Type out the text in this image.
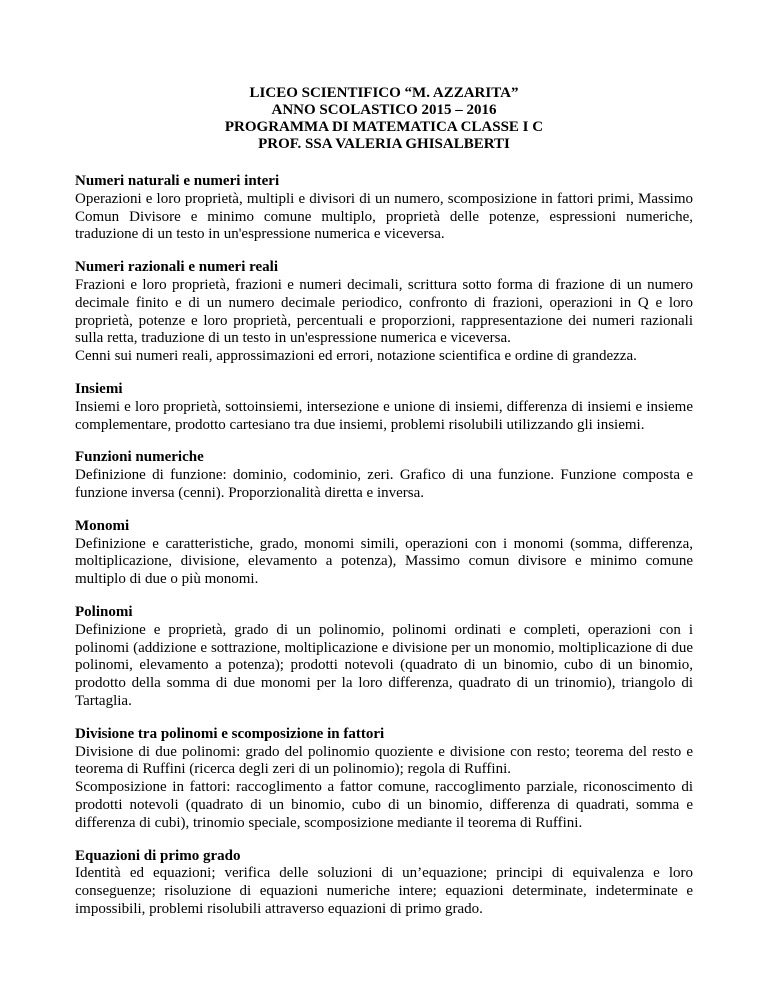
LICEO SCIENTIFICO “M. AZZARITA”
ANNO SCOLASTICO 2015 – 2016
PROGRAMMA DI MATEMATICA CLASSE I C
PROF. SSA VALERIA GHISALBERTI
Numeri naturali e numeri interi
Operazioni e loro proprietà, multipli e divisori di un numero, scomposizione in fattori primi, Massimo Comun Divisore e minimo comune multiplo, proprietà delle potenze, espressioni numeriche, traduzione di un testo in un'espressione numerica e viceversa.
Numeri razionali e numeri reali
Frazioni e loro proprietà, frazioni e numeri decimali, scrittura sotto forma di frazione di un numero decimale finito e di un numero decimale periodico, confronto di frazioni, operazioni in Q e loro proprietà, potenze e loro proprietà, percentuali e proporzioni, rappresentazione dei numeri razionali sulla retta, traduzione di un testo in un'espressione numerica e viceversa.
Cenni sui numeri reali, approssimazioni ed errori, notazione scientifica e ordine di grandezza.
Insiemi
Insiemi e loro proprietà, sottoinsiemi, intersezione e unione di insiemi, differenza di insiemi e insieme complementare, prodotto cartesiano tra due insiemi, problemi risolubili utilizzando gli insiemi.
Funzioni numeriche
Definizione di funzione: dominio, codominio, zeri. Grafico di una funzione. Funzione composta e funzione inversa (cenni). Proporzionalità diretta e inversa.
Monomi
Definizione e caratteristiche, grado, monomi simili, operazioni con i monomi (somma, differenza, moltiplicazione, divisione, elevamento a potenza), Massimo comun divisore e minimo comune multiplo di due o più monomi.
Polinomi
Definizione e proprietà, grado di un polinomio, polinomi ordinati e completi, operazioni con i polinomi (addizione e sottrazione, moltiplicazione e divisione per un monomio, moltiplicazione di due polinomi, elevamento a potenza); prodotti notevoli (quadrato di un binomio, cubo di un binomio, prodotto della somma di due monomi per la loro differenza, quadrato di un trinomio), triangolo di Tartaglia.
Divisione tra polinomi e scomposizione in fattori
Divisione di due polinomi: grado del polinomio quoziente e divisione con resto; teorema del resto e teorema di Ruffini (ricerca degli zeri di un polinomio); regola di Ruffini.
Scomposizione in fattori: raccoglimento a fattor comune, raccoglimento parziale, riconoscimento di prodotti notevoli (quadrato di un binomio, cubo di un binomio, differenza di quadrati, somma e differenza di cubi), trinomio speciale, scomposizione mediante il teorema di Ruffini.
Equazioni di primo grado
Identità ed equazioni; verifica delle soluzioni di un’equazione; principi di equivalenza e loro conseguenze; risoluzione di equazioni numeriche intere; equazioni determinate, indeterminate e impossibili, problemi risolubili attraverso equazioni di primo grado.
